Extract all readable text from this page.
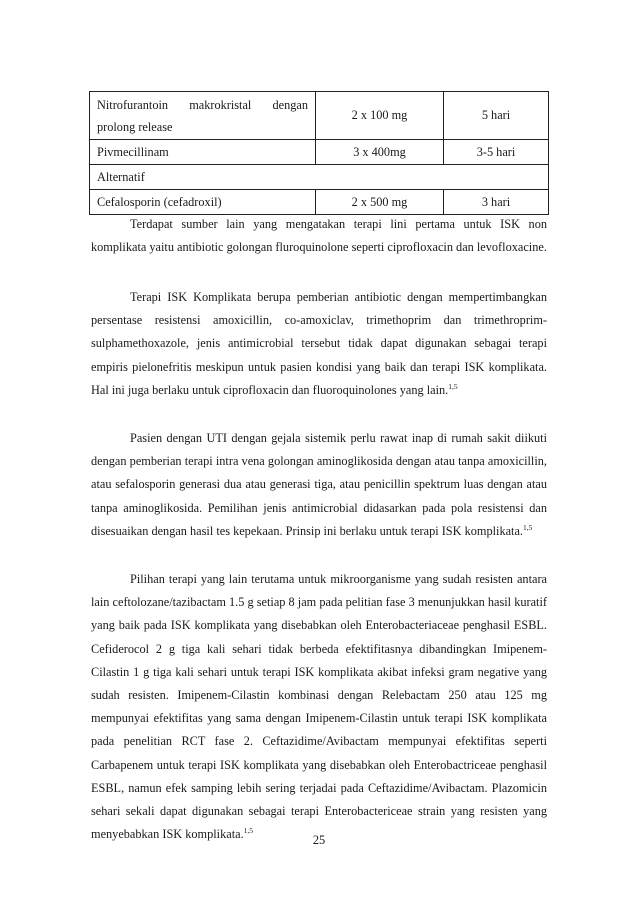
Nitrofurantoin makrokristal dengan
prolong release	2 x 100 mg	5 hari
Pivmecillinam	3 x 400mg	3-5 hari
Alternatif		
Cefalosporin (cefadroxil)	2 x 500 mg	3 hari

Terdapat sumber lain yang mengatakan terapi lini pertama untuk ISK non komplikata yaitu antibiotic golongan fluroquinolone seperti ciprofloxacin dan levofloxacine.

Terapi ISK Komplikata berupa pemberian antibiotic dengan mempertimbangkan persentase resistensi amoxicillin, co-amoxiclav, trimethoprim dan trimethroprim-sulphamethoxazole, jenis antimicrobial tersebut tidak dapat digunakan sebagai terapi empiris pielonefritis meskipun untuk pasien kondisi yang baik dan terapi ISK komplikata. Hal ini juga berlaku untuk ciprofloxacin dan fluoroquinolones yang lain.$^{1,5}$

Pasien dengan UTI dengan gejala sistemik perlu rawat inap di rumah sakit diikuti dengan pemberian terapi intra vena golongan aminoglikosida dengan atau tanpa amoxicillin, atau sefalosporin generasi dua atau generasi tiga, atau penicillin spektrum luas dengan atau tanpa aminoglikosida. Pemilihan jenis antimicrobial didasarkan pada pola resistensi dan disesuaikan dengan hasil tes kepekaan. Prinsip ini berlaku untuk terapi ISK komplikata.$^{1,5}$

Pilihan terapi yang lain terutama untuk mikroorganisme yang sudah resisten antara lain ceftolozane/tazibactam 1.5 g setiap 8 jam pada pelitian fase 3 menunjukkan hasil kuratif yang baik pada ISK komplikata yang disebabkan oleh Enterobacteriaceae penghasil ESBL. Cefiderocol 2 g tiga kali sehari tidak berbeda efektifitasnya dibandingkan Imipenem-Cilastin 1 g tiga kali sehari untuk terapi ISK komplikata akibat infeksi gram negative yang sudah resisten. Imipenem-Cilastin kombinasi dengan Relebactam 250 atau 125 mg mempunyai efektifitas yang sama dengan Imipenem-Cilastin untuk terapi ISK komplikata pada penelitian RCT fase 2. Ceftazidime/Avibactam mempunyai efektifitas seperti Carbapenem untuk terapi ISK komplikata yang disebabkan oleh Enterobactriceae penghasil ESBL, namun efek samping lebih sering terjadai pada Ceftazidime/Avibactam. Plazomicin sehari sekali dapat digunakan sebagai terapi Enterobactericeae strain yang resisten yang menyebabkan ISK komplikata.$^{1,5}$

25
